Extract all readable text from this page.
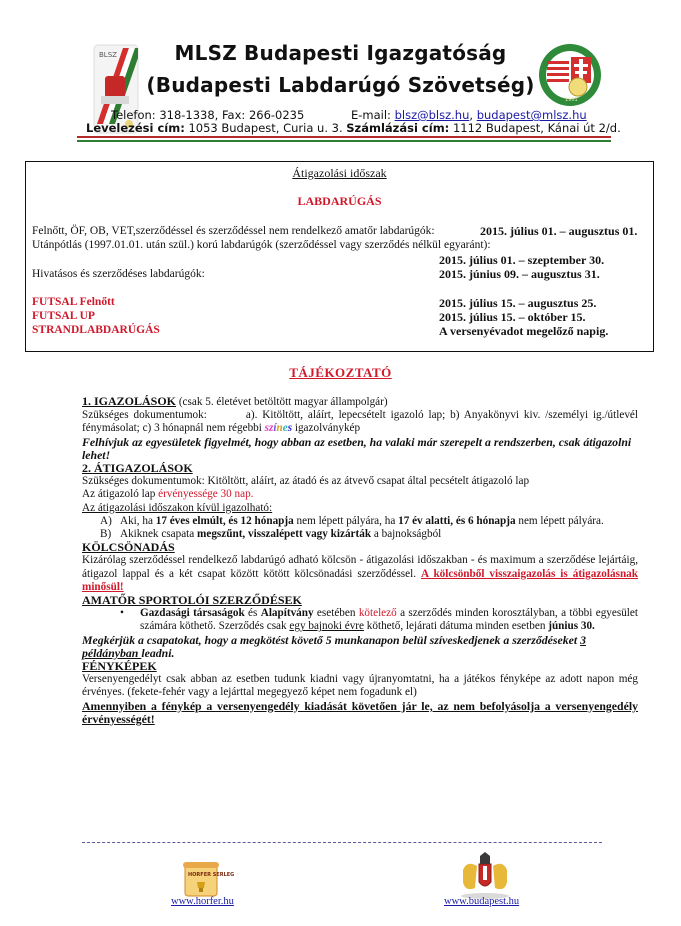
BLSZ	MLSZ Budapesti Igazgatóság
(Budapesti Labdarúgó Szövetség)
1901
Telefon: 318-1338, Fax: 266-0235	E-mail: blsz@blsz.hu, budapest@mlsz.hu
Levelezési cím: 1053 Budapest, Curia u. 3. Számlázási cím: 1112 Budapest, Kánai út 2/d.
Átigazolási időszak
LABDARÚGÁS
Felnőtt, ÖF, OB, VET,szerződéssel és szerződéssel nem rendelkező amatőr labdarúgók:	2015. július 01. – augusztus 01.
Utánpótlás (1997.01.01. után szül.) korú labdarúgók (szerződéssel vagy szerződés nélkül egyaránt):
2015. július 01. – szeptember 30.
Hivatásos és szerződéses labdarúgók:	2015. június 09. – augusztus 31.
FUTSAL Felnőtt	2015. július 15. – augusztus 25.
FUTSAL UP	2015. július 15. – október 15.
STRANDLABDARÚGÁS	A versenyévadot megelőző napig.
TÁJÉKOZTATÓ

1. IGAZOLÁSOK (csak 5. életévet betöltött magyar állampolgár)

Szükséges dokumentumok:        a). Kitöltött, aláírt, lepecsételt igazoló lap; b) Anyakönyvi kiv. /személyi ig./útlevél fénymásolat; c) 3 hónapnál nem régebbi színes igazolványkép

Felhívjuk az egyesületek figyelmét, hogy abban az esetben, ha valaki már szerepelt a rendszerben, csak átigazolni lehet!

2. ÁTIGAZOLÁSOK

Szükséges dokumentumok: Kitöltött, aláírt, az átadó és az átvevő csapat által pecsételt átigazoló lap

Az átigazoló lap érvényessége 30 nap.

Az átigazolási időszakon kívül igazolható:

A) Aki, ha 17 éves elmúlt, és 12 hónapja nem lépett pályára, ha 17 év alatti, és 6 hónapja nem lépett pályára.

B) Akiknek csapata megszűnt, visszalépett vagy kizárták a bajnokságból

KÖLCSÖNADÁS

Kizárólag szerződéssel rendelkező labdarúgó adható kölcsön - átigazolási időszakban - és maximum a szerződése lejártáig, átigazol lappal és a két csapat között kötött kölcsönadási szerződéssel. A kölcsönből visszaigazolás is átigazolásnak minősül!

AMATŐR SPORTOLÓI SZERZŐDÉSEK

• Gazdasági társaságok és Alapítvány esetében kötelező a szerződés minden korosztályban, a többi egyesület számára köthető. Szerződés csak egy bajnoki évre köthető, lejárati dátuma minden esetben június 30.

Megkérjük a csapatokat, hogy a megkötést követő 5 munkanapon belül szíveskedjenek a szerződéseket 3 példányban leadni.

FÉNYKÉPEK

Versenyengedélyt csak abban az esetben tudunk kiadni vagy újranyomtatni, ha a játékos fényképe az adott napon még érvényes. (fekete-fehér vagy a lejárttal megegyező képet nem fogadunk el)

Amennyiben a fénykép a versenyengedély kiadását követően jár le, az nem befolyásolja a versenyengedély érvényességét!

HORFER SERLEG
www.horfer.hu	www.budapest.hu
